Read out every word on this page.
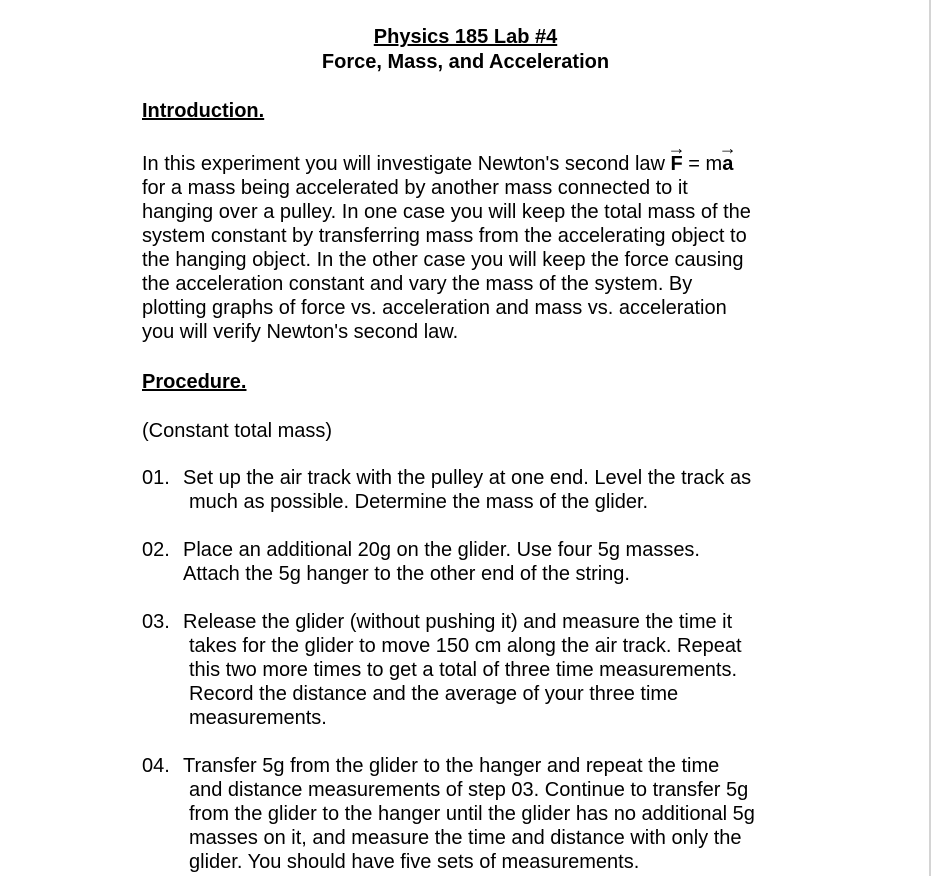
Physics 185 Lab #4

Force, Mass, and Acceleration

Introduction.

In this experiment you will investigate Newton's second law
→
F = m
→
a

for a mass being accelerated by another mass connected to it

hanging over a pulley. In one case you will keep the total mass of the

system constant by transferring mass from the accelerating object to

the hanging object. In the other case you will keep the force causing

the acceleration constant and vary the mass of the system. By

plotting graphs of force vs. acceleration and mass vs. acceleration

you will verify Newton's second law.

Procedure.

(Constant total mass)

01. Set up the air track with the pulley at one end. Level the track as

much as possible. Determine the mass of the glider.

02. Place an additional 20g on the glider. Use four 5g masses.

Attach the 5g hanger to the other end of the string.

03. Release the glider (without pushing it) and measure the time it

takes for the glider to move 150 cm along the air track. Repeat

this two more times to get a total of three time measurements.

Record the distance and the average of your three time

measurements.

04. Transfer 5g from the glider to the hanger and repeat the time

and distance measurements of step 03. Continue to transfer 5g

from the glider to the hanger until the glider has no additional 5g

masses on it, and measure the time and distance with only the

glider. You should have five sets of measurements.
